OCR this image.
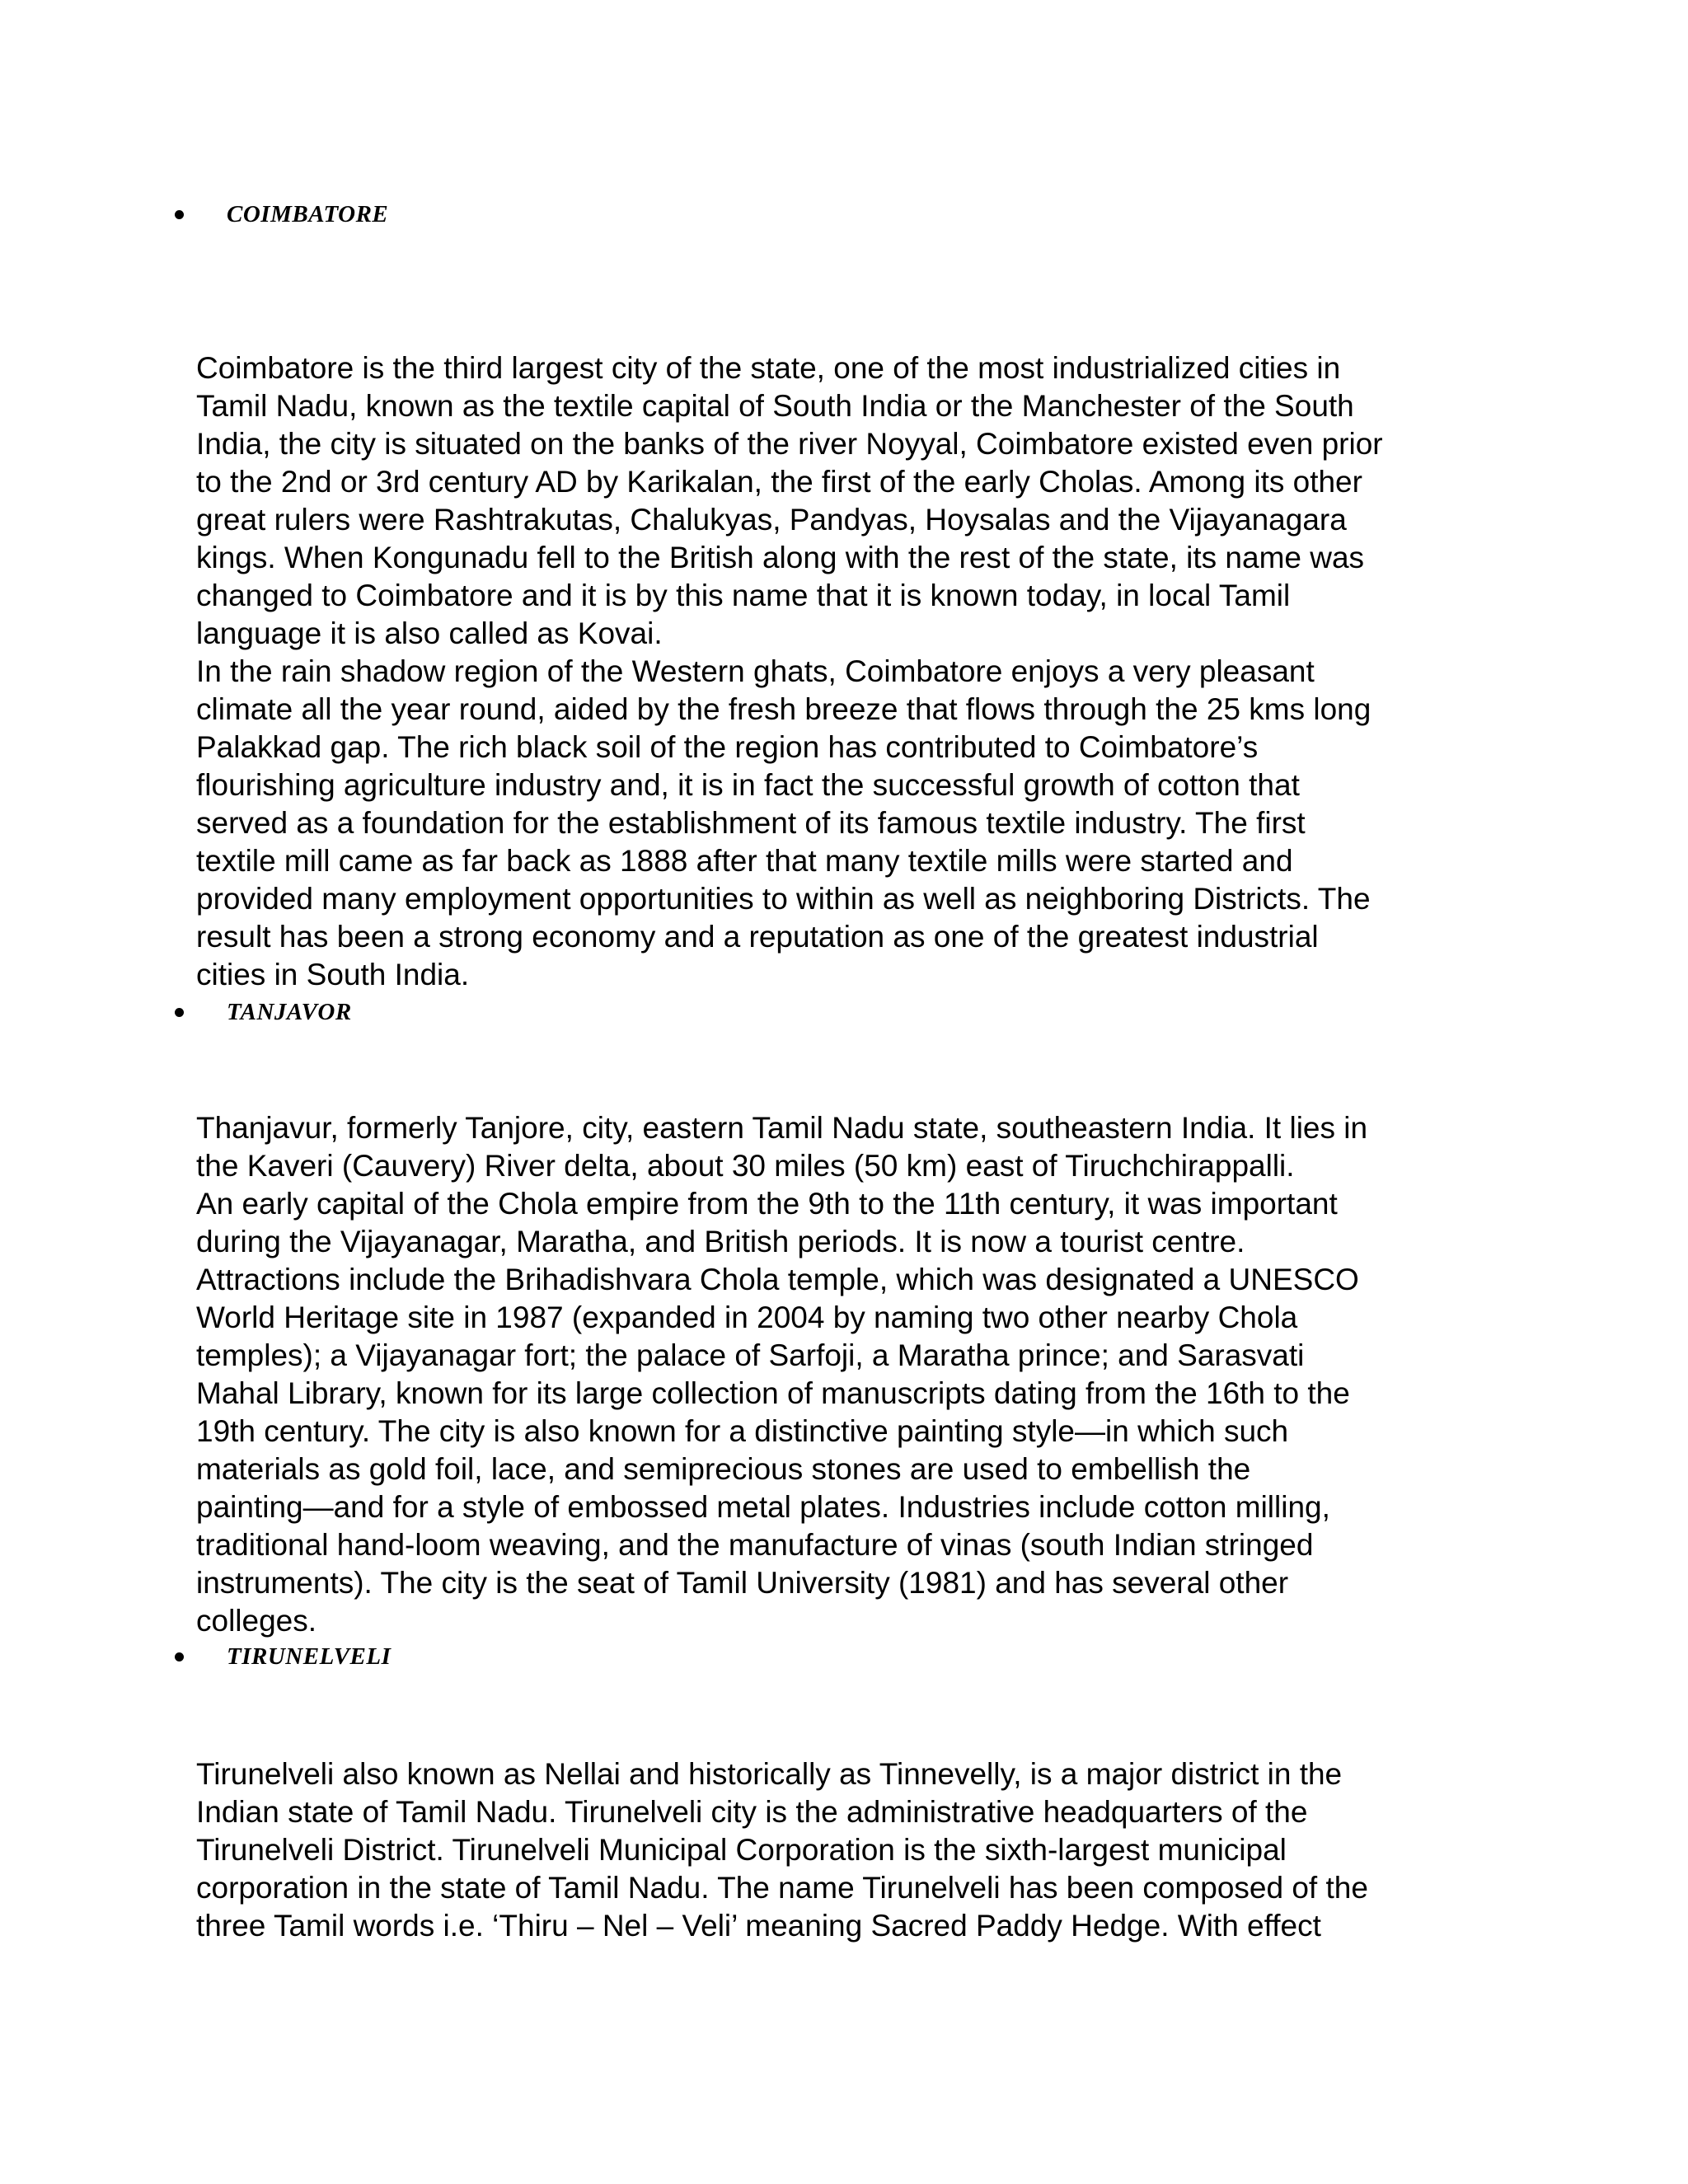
COIMBATORE
Coimbatore is the third largest city of the state, one of the most industrialized cities in
Tamil Nadu, known as the textile capital of South India or the Manchester of the South
India, the city is situated on the banks of the river Noyyal, Coimbatore existed even prior
to the 2nd or 3rd century AD by Karikalan, the first of the early Cholas. Among its other
great rulers were Rashtrakutas, Chalukyas, Pandyas, Hoysalas and the Vijayanagara
kings. When Kongunadu fell to the British along with the rest of the state, its name was
changed to Coimbatore and it is by this name that it is known today, in local Tamil
language it is also called as Kovai.
In the rain shadow region of the Western ghats, Coimbatore enjoys a very pleasant
climate all the year round, aided by the fresh breeze that flows through the 25 kms long
Palakkad gap. The rich black soil of the region has contributed to Coimbatore’s
flourishing agriculture industry and, it is in fact the successful growth of cotton that
served as a foundation for the establishment of its famous textile industry. The first
textile mill came as far back as 1888 after that many textile mills were started and
provided many employment opportunities to within as well as neighboring Districts. The
result has been a strong economy and a reputation as one of the greatest industrial
cities in South India.
TANJAVOR
Thanjavur, formerly Tanjore, city, eastern Tamil Nadu state, southeastern India. It lies in
the Kaveri (Cauvery) River delta, about 30 miles (50 km) east of Tiruchchirappalli.
An early capital of the Chola empire from the 9th to the 11th century, it was important
during the Vijayanagar, Maratha, and British periods. It is now a tourist centre.
Attractions include the Brihadishvara Chola temple, which was designated a UNESCO
World Heritage site in 1987 (expanded in 2004 by naming two other nearby Chola
temples); a Vijayanagar fort; the palace of Sarfoji, a Maratha prince; and Sarasvati
Mahal Library, known for its large collection of manuscripts dating from the 16th to the
19th century. The city is also known for a distinctive painting style—in which such
materials as gold foil, lace, and semiprecious stones are used to embellish the
painting—and for a style of embossed metal plates. Industries include cotton milling,
traditional hand-loom weaving, and the manufacture of vinas (south Indian stringed
instruments). The city is the seat of Tamil University (1981) and has several other
colleges.
TIRUNELVELI
Tirunelveli also known as Nellai and historically as Tinnevelly, is a major district in the
Indian state of Tamil Nadu. Tirunelveli city is the administrative headquarters of the
Tirunelveli District. Tirunelveli Municipal Corporation is the sixth-largest municipal
corporation in the state of Tamil Nadu. The name Tirunelveli has been composed of the
three Tamil words i.e. ‘Thiru – Nel – Veli’ meaning Sacred Paddy Hedge. With effect
